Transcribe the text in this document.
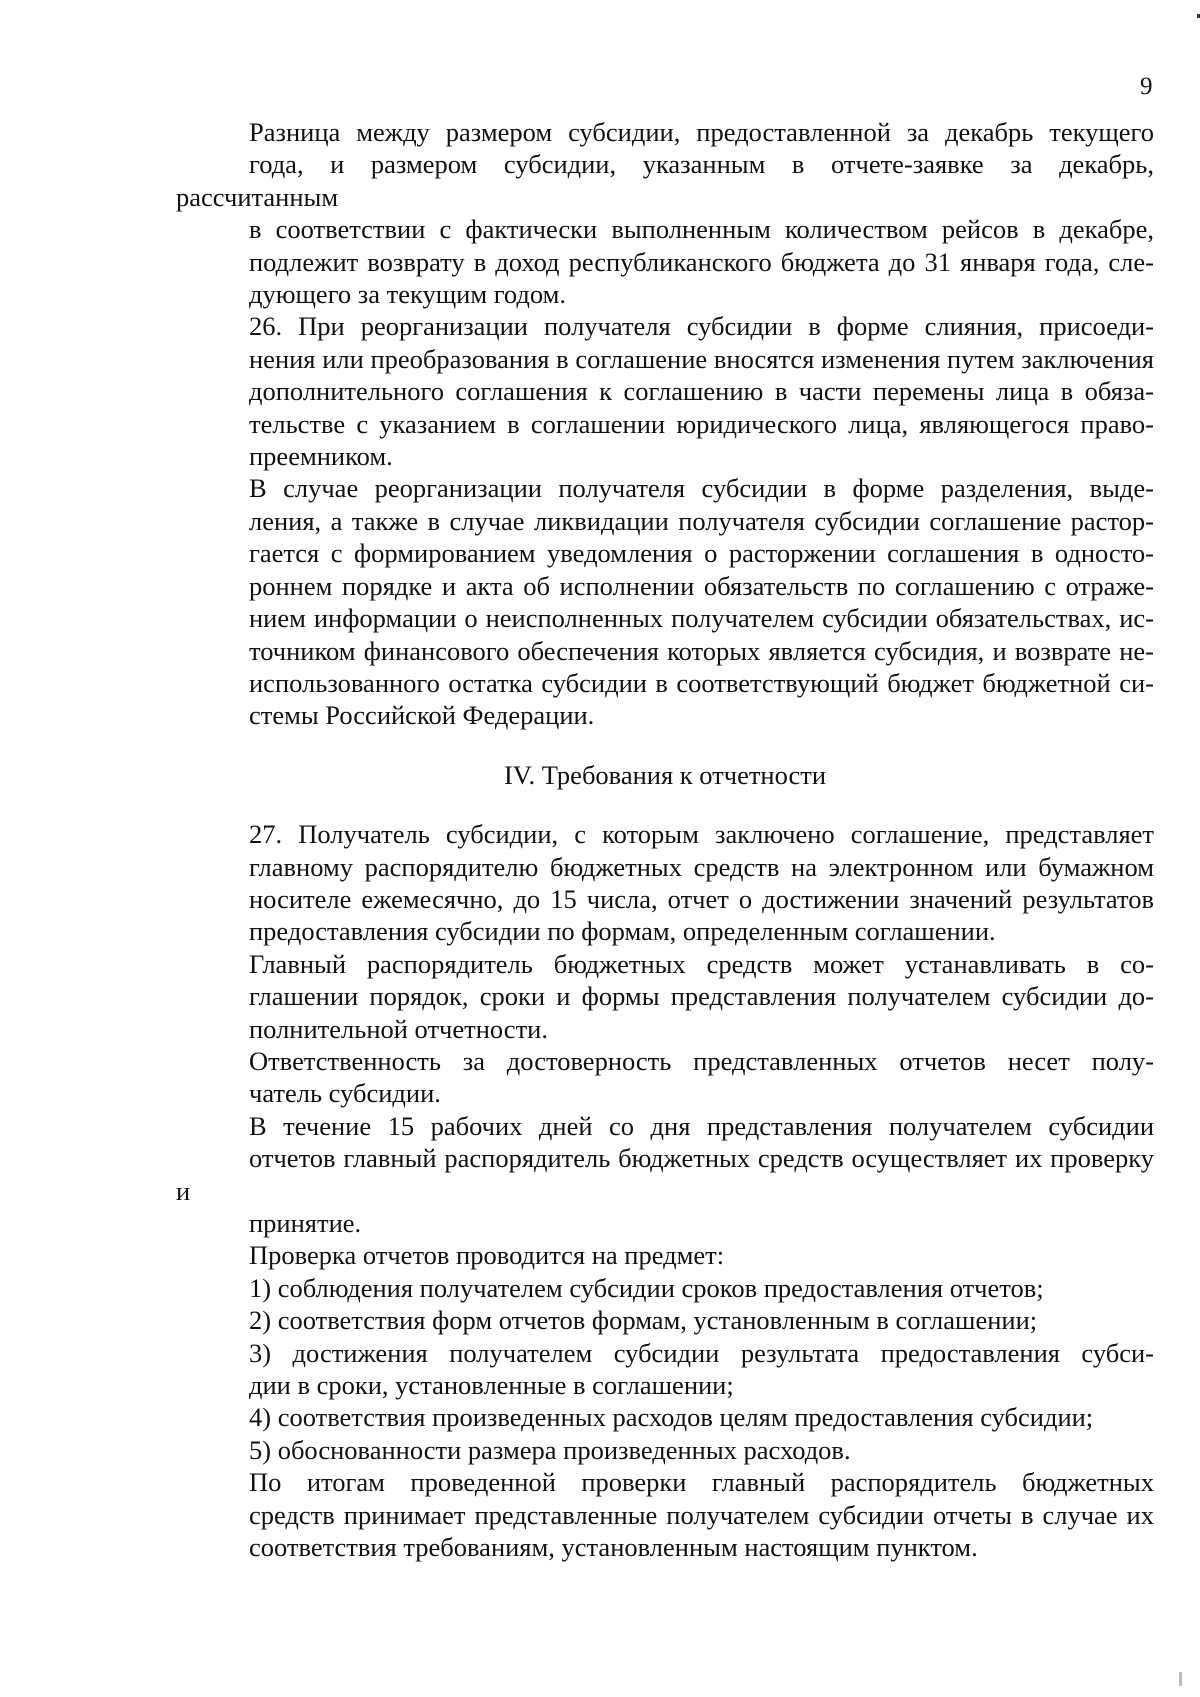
9

Разница между размером субсидии, предоставленной за декабрь текущего
года, и размером субсидии, указанным в отчете-заявке за декабрь, рассчитанным
в соответствии с фактически выполненным количеством рейсов в декабре,
подлежит возврату в доход республиканского бюджета до 31 января года, сле-
дующего за текущим годом.

26. При реорганизации получателя субсидии в форме слияния, присоеди-
нения или преобразования в соглашение вносятся изменения путем заключения
дополнительного соглашения к соглашению в части перемены лица в обяза-
тельстве с указанием в соглашении юридического лица, являющегося право-
преемником.

В случае реорганизации получателя субсидии в форме разделения, выде-
ления, а также в случае ликвидации получателя субсидии соглашение растор-
гается с формированием уведомления о расторжении соглашения в односто-
роннем порядке и акта об исполнении обязательств по соглашению с отраже-
нием информации о неисполненных получателем субсидии обязательствах, ис-
точником финансового обеспечения которых является субсидия, и возврате не-
использованного остатка субсидии в соответствующий бюджет бюджетной си-
стемы Российской Федерации.

IV. Требования к отчетности

27. Получатель субсидии, с которым заключено соглашение, представляет
главному распорядителю бюджетных средств на электронном или бумажном
носителе ежемесячно, до 15 числа, отчет о достижении значений результатов
предоставления субсидии по формам, определенным соглашении.

Главный распорядитель бюджетных средств может устанавливать в со-
глашении порядок, сроки и формы представления получателем субсидии до-
полнительной отчетности.

Ответственность за достоверность представленных отчетов несет полу-
чатель субсидии.

В течение 15 рабочих дней со дня представления получателем субсидии
отчетов главный распорядитель бюджетных средств осуществляет их проверку и
принятие.

Проверка отчетов проводится на предмет:

1) соблюдения получателем субсидии сроков предоставления отчетов;

2) соответствия форм отчетов формам, установленным в соглашении;

3) достижения получателем субсидии результата предоставления субси-
дии в сроки, установленные в соглашении;

4) соответствия произведенных расходов целям предоставления субсидии;

5) обоснованности размера произведенных расходов.

По итогам проведенной проверки главный распорядитель бюджетных
средств принимает представленные получателем субсидии отчеты в случае их
соответствия требованиям, установленным настоящим пунктом.
